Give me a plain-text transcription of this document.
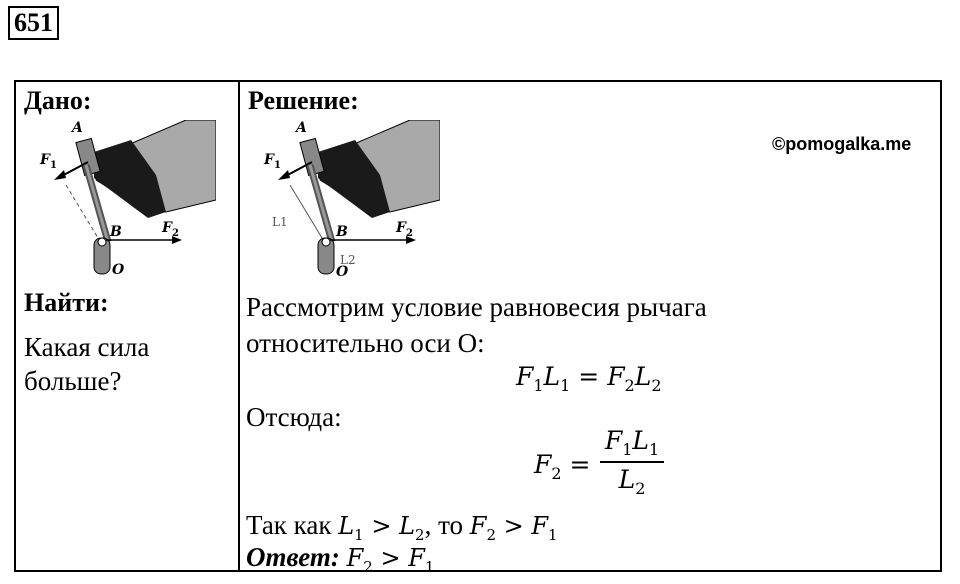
651
Дано:
A
F 1
B	F 2
O
Найти:
Какая сила
больше?
Решение:
©pomogalka.me
A
F 1
L1
B
L2
F 2
O
Рассмотрим условие равновесия рычага
относительно оси O:
$F_1L_1 = F_2L_2$
Отсюда:
$F_2$ =
$F_1L_1$
$L_2$
Так как $L_1 > L_2$, то $F_2 > F_1$
Ответ: $F_2 > F_1$
